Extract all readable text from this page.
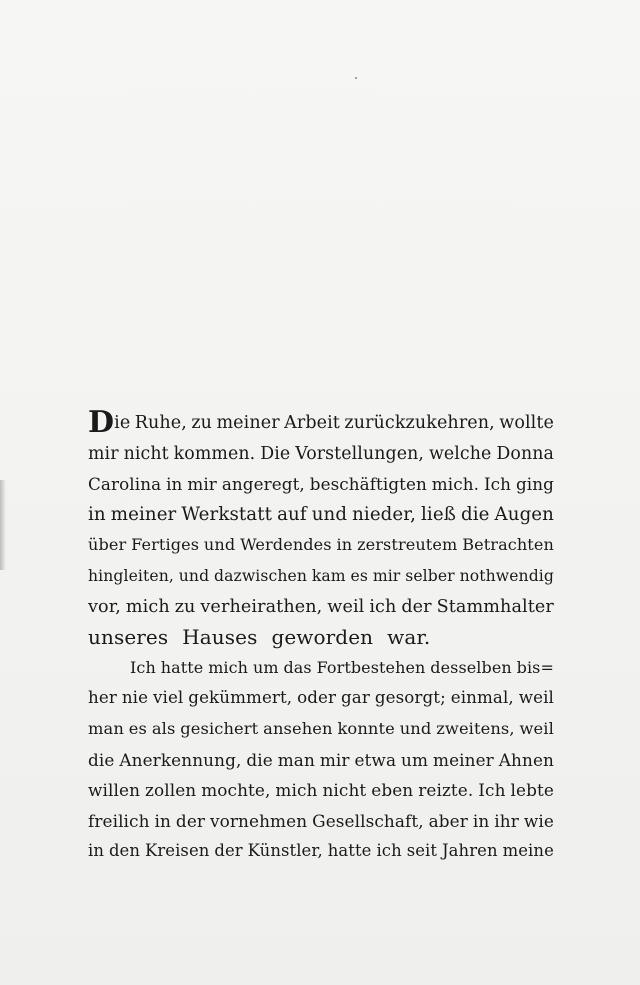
Die Ruhe, zu meiner Arbeit zurückzukehren, wollte
mir nicht kommen. Die Vorstellungen, welche Donna
Carolina in mir angeregt, beschäftigten mich. Ich ging
in meiner Werkstatt auf und nieder, ließ die Augen
über Fertiges und Werdendes in zerstreutem Betrachten
hingleiten, und dazwischen kam es mir selber nothwendig
vor, mich zu verheirathen, weil ich der Stammhalter
unseres Hauses geworden war.
Ich hatte mich um das Fortbestehen desselben bis=
her nie viel gekümmert, oder gar gesorgt; einmal, weil
man es als gesichert ansehen konnte und zweitens, weil
die Anerkennung, die man mir etwa um meiner Ahnen
willen zollen mochte, mich nicht eben reizte. Ich lebte
freilich in der vornehmen Gesellschaft, aber in ihr wie
in den Kreisen der Künstler, hatte ich seit Jahren meine
